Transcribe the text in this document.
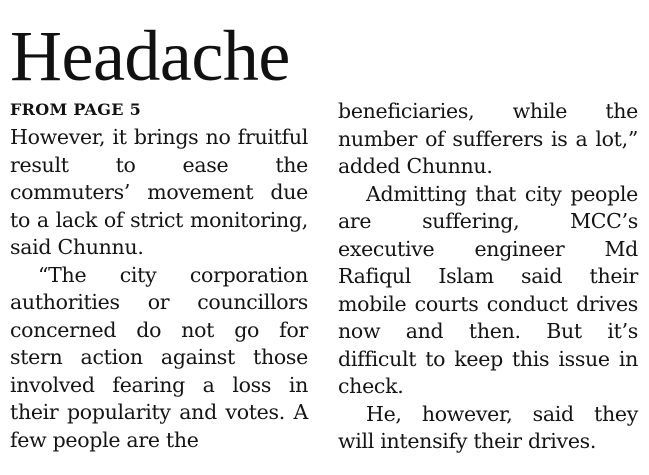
Headache
FROM PAGE 5

However, it brings no fruitful result to ease the commuters’ movement due to a lack of strict monitoring, said Chunnu.

“The city corporation authorities or councillors concerned do not go for stern action against those involved fearing a loss in their popularity and votes. A few people are the

beneficiaries, while the number of sufferers is a lot,” added Chunnu.

Admitting that city people are suffering, MCC’s executive engineer Md Rafiqul Islam said their mobile courts conduct drives now and then. But it’s difficult to keep this issue in check.

He, however, said they will intensify their drives.
